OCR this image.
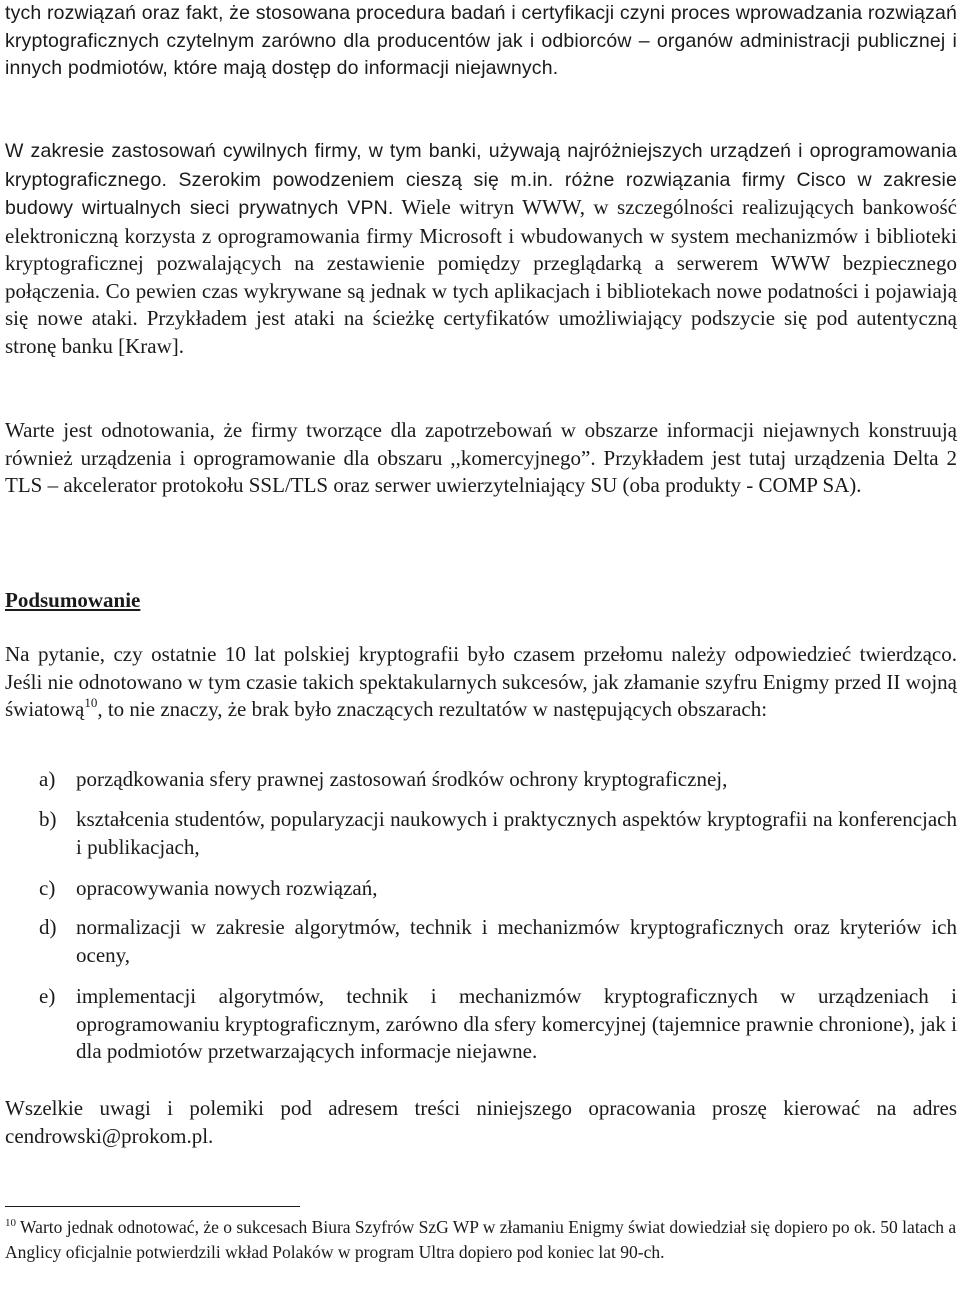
tych rozwiązań oraz fakt, że stosowana procedura badań i certyfikacji czyni proces wprowadzania rozwiązań kryptograficznych czytelnym zarówno dla producentów jak i odbiorców – organów administracji publicznej i innych podmiotów, które mają dostęp do informacji niejawnych.

W zakresie zastosowań cywilnych firmy, w tym banki, używają najróżniejszych urządzeń i oprogramowania kryptograficznego. Szerokim powodzeniem cieszą się m.in. różne rozwiązania firmy Cisco w zakresie budowy wirtualnych sieci prywatnych VPN. Wiele witryn WWW, w szczególności realizujących bankowość elektroniczną korzysta z oprogramowania firmy Microsoft i wbudowanych w system mechanizmów i biblioteki kryptograficznej pozwalających na zestawienie pomiędzy przeglądarką a serwerem WWW bezpiecznego połączenia. Co pewien czas wykrywane są jednak w tych aplikacjach i bibliotekach nowe podatności i pojawiają się nowe ataki. Przykładem jest ataki na ścieżkę certyfikatów umożliwiający podszycie się pod autentyczną stronę banku [Kraw].

Warte jest odnotowania, że firmy tworzące dla zapotrzebowań w obszarze informacji niejawnych konstruują również urządzenia i oprogramowanie dla obszaru ,,komercyjnego”. Przykładem jest tutaj urządzenia Delta 2 TLS – akcelerator protokołu SSL/TLS oraz serwer uwierzytelniający SU (oba produkty - COMP SA).

Podsumowanie

Na pytanie, czy ostatnie 10 lat polskiej kryptografii było czasem przełomu należy odpowiedzieć twierdząco. Jeśli nie odnotowano w tym czasie takich spektakularnych sukcesów, jak złamanie szyfru Enigmy przed II wojną światową$^{10}$, to nie znaczy, że brak było znaczących rezultatów w następujących obszarach:

a) porządkowania sfery prawnej zastosowań środków ochrony kryptograficznej,
b) kształcenia studentów, popularyzacji naukowych i praktycznych aspektów kryptografii na konferencjach i publikacjach,
c) opracowywania nowych rozwiązań,
d) normalizacji w zakresie algorytmów, technik i mechanizmów kryptograficznych oraz kryteriów ich oceny,
e) implementacji algorytmów, technik i mechanizmów kryptograficznych w urządzeniach i oprogramowaniu kryptograficznym, zarówno dla sfery komercyjnej (tajemnice prawnie chronione), jak i dla podmiotów przetwarzających informacje niejawne.

Wszelkie uwagi i polemiki pod adresem treści niniejszego opracowania proszę kierować na adres cendrowski@prokom.pl.

$^{10}$ Warto jednak odnotować, że o sukcesach Biura Szyfrów SzG WP w złamaniu Enigmy świat dowiedział się dopiero po ok. 50 latach a Anglicy oficjalnie potwierdzili wkład Polaków w program Ultra dopiero pod koniec lat 90-ch.
